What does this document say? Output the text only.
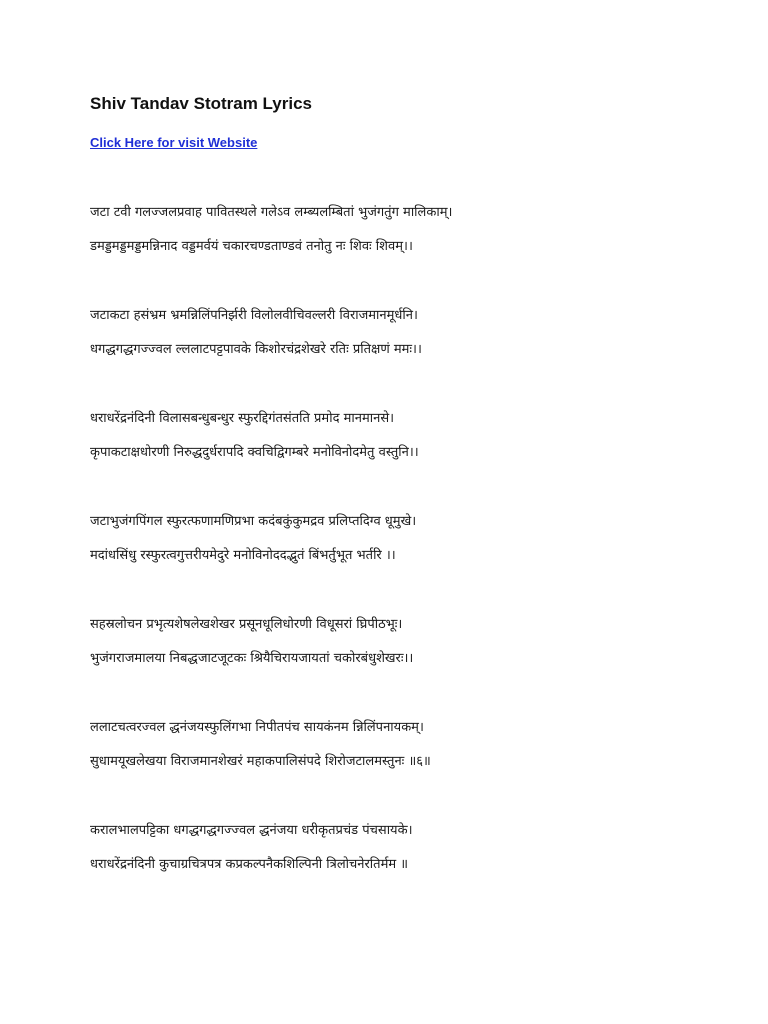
Shiv Tandav Stotram Lyrics
Click Here for visit Website
जटा टवी गलज्जलप्रवाह पावितस्थले गलेऽव लम्ब्यलम्बितां भुजंगतुंग मालिकाम्।
डमड्डमड्डमड्डमन्निनाद वड्डमर्वयं चकारचण्डताण्डवं तनोतु नः शिवः शिवम्।।
जटाकटा हसंभ्रम भ्रमन्निलिंपनिर्झरी विलोलवीचिवल्लरी विराजमानमूर्धनि।
धगद्धगद्धगज्ज्वल ल्ललाटपट्टपावके किशोरचंद्रशेखरे रतिः प्रतिक्षणं ममः।।
धराधरेंद्रनंदिनी विलासबन्धुबन्धुर स्फुरद्दिगंतसंतति प्रमोद मानमानसे।
कृपाकटाक्षधोरणी निरुद्धदुर्धरापदि क्वचिद्विगम्बरे मनोविनोदमेतु वस्तुनि।।
जटाभुजंगपिंगल स्फुरत्फणामणिप्रभा कदंबकुंकुमद्रव प्रलिप्तदिग्व धूमुखे।
मदांधसिंधु रस्फुरत्वगुत्तरीयमेदुरे मनोविनोददद्भुतं बिंभर्तुभूत भर्तरि ।।
सहस्रलोचन प्रभृत्यशेषलेखशेखर प्रसूनधूलिधोरणी विधूसरां घ्रिपीठभूः।
भुजंगराजमालया निबद्धजाटजूटकः श्रियैचिरायजायतां चकोरबंधुशेखरः।।
ललाटचत्वरज्वल द्धनंजयस्फुलिंगभा निपीतपंच सायकंनम न्निलिंपनायकम्।
सुधामयूखलेखया विराजमानशेखरं महाकपालिसंपदे शिरोजटालमस्तुनः ॥६॥
करालभालपट्टिका धगद्धगद्धगज्ज्वल द्धनंजया धरीकृतप्रचंड पंचसायके।
धराधरेंद्रनंदिनी कुचाग्रचित्रपत्र कप्रकल्पनैकशिल्पिनी त्रिलोचनेरतिर्मम ॥
